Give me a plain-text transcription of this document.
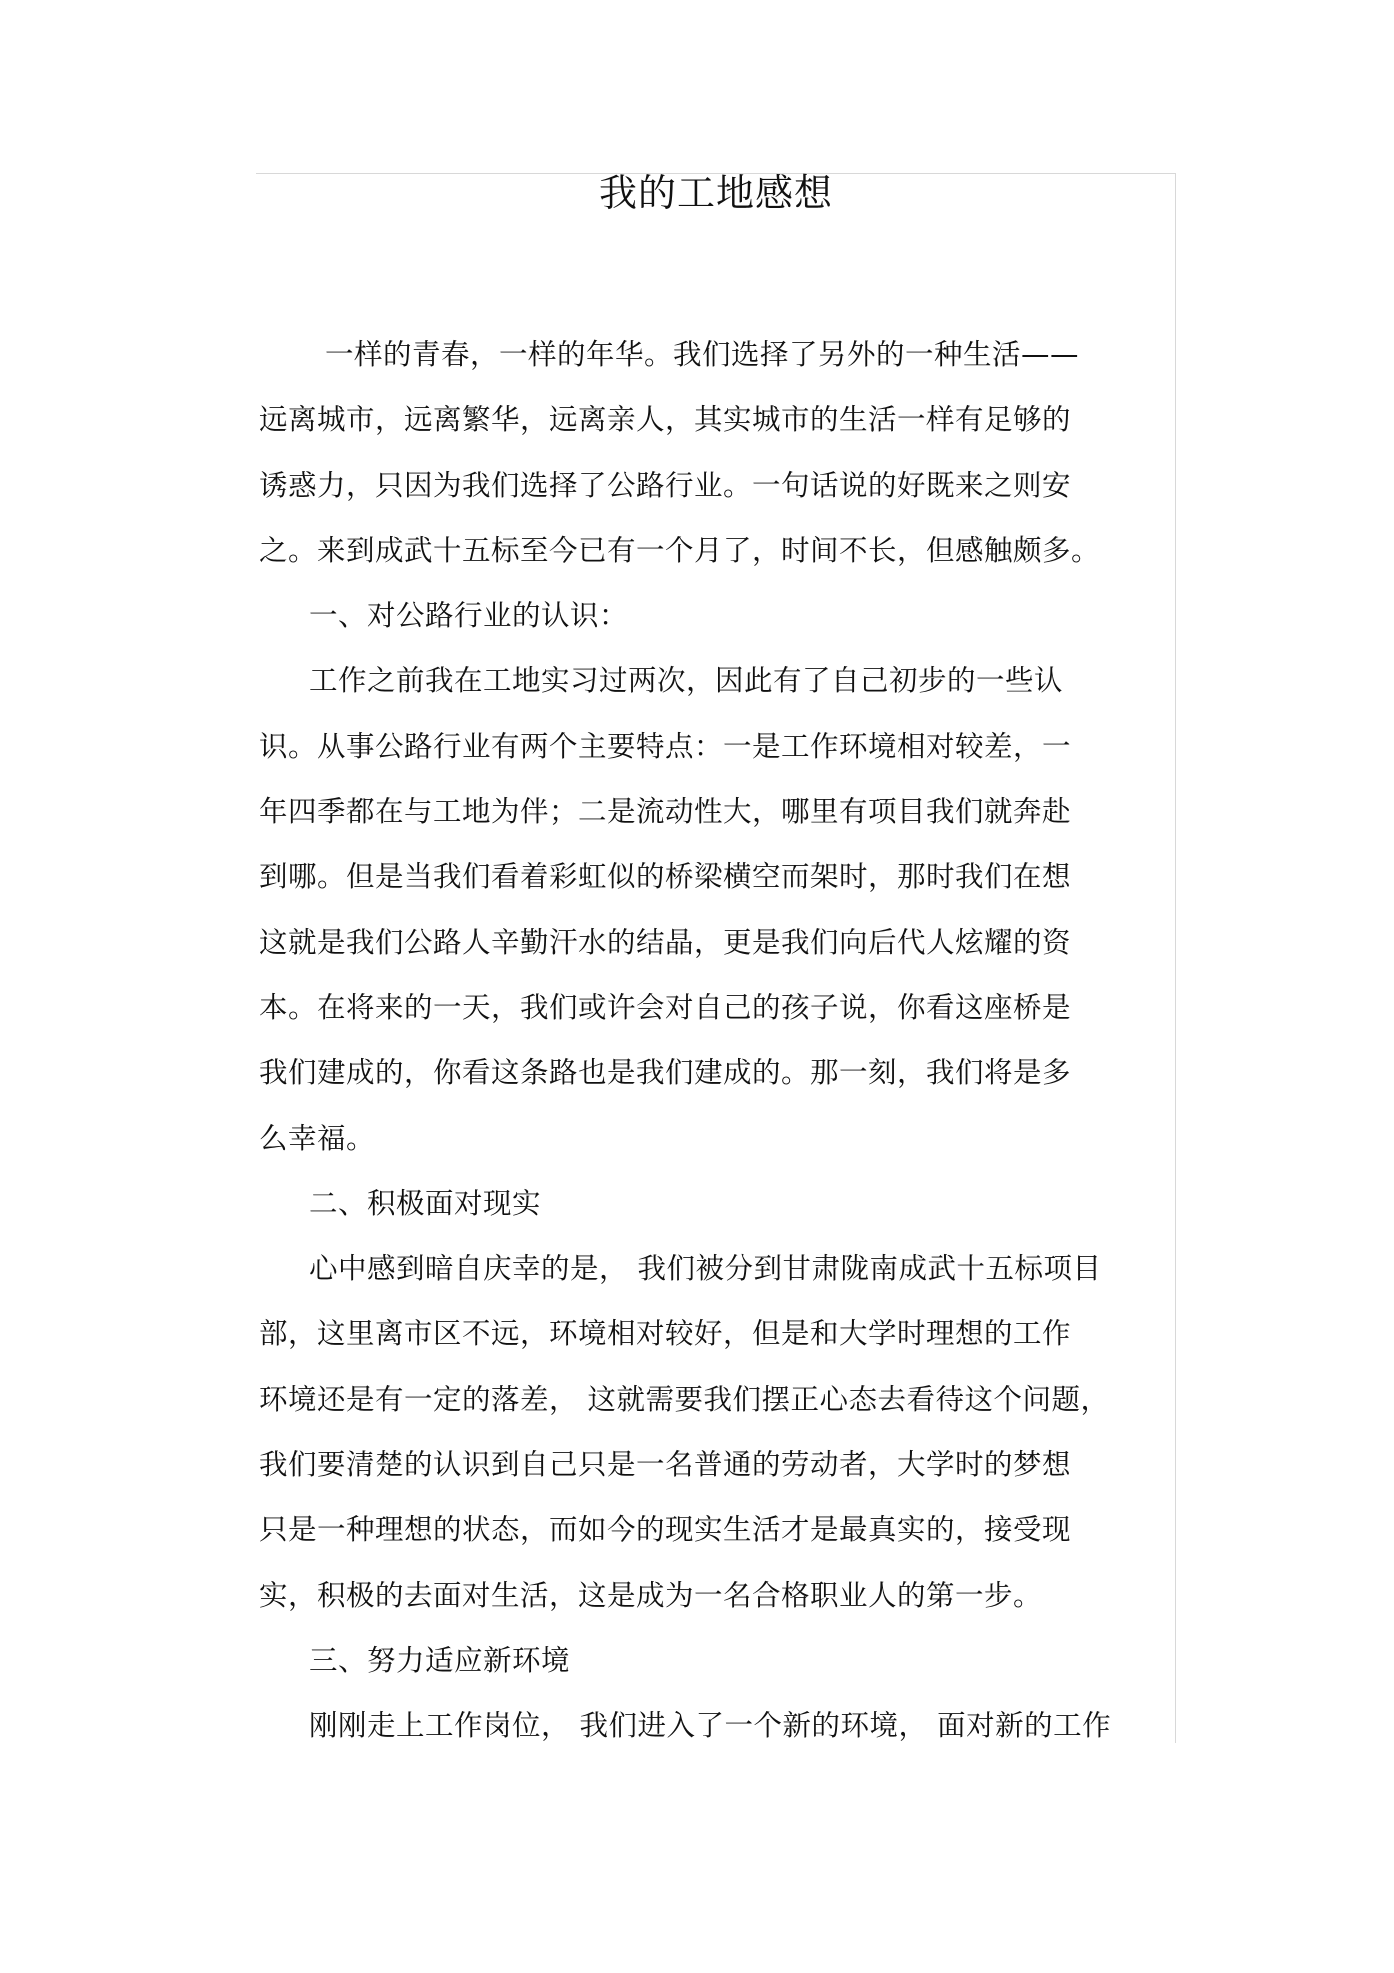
我的工地感想
一样的青春，一样的年华。我们选择了另外的一种生活——
远离城市，远离繁华，远离亲人，其实城市的生活一样有足够的
诱惑力，只因为我们选择了公路行业。一句话说的好既来之则安
之。来到成武十五标至今已有一个月了，时间不长，但感触颇多。
一、对公路行业的认识：
工作之前我在工地实习过两次，因此有了自己初步的一些认
识。从事公路行业有两个主要特点：一是工作环境相对较差，一
年四季都在与工地为伴；二是流动性大，哪里有项目我们就奔赴
到哪。但是当我们看着彩虹似的桥梁横空而架时，那时我们在想
这就是我们公路人辛勤汗水的结晶，更是我们向后代人炫耀的资
本。在将来的一天，我们或许会对自己的孩子说，你看这座桥是
我们建成的，你看这条路也是我们建成的。那一刻，我们将是多
么幸福。
二、积极面对现实
心中感到暗自庆幸的是， 我们被分到甘肃陇南成武十五标项目
部，这里离市区不远，环境相对较好，但是和大学时理想的工作
环境还是有一定的落差， 这就需要我们摆正心态去看待这个问题，
我们要清楚的认识到自己只是一名普通的劳动者，大学时的梦想
只是一种理想的状态，而如今的现实生活才是最真实的，接受现
实，积极的去面对生活，这是成为一名合格职业人的第一步。
三、努力适应新环境
刚刚走上工作岗位， 我们进入了一个新的环境， 面对新的工作
